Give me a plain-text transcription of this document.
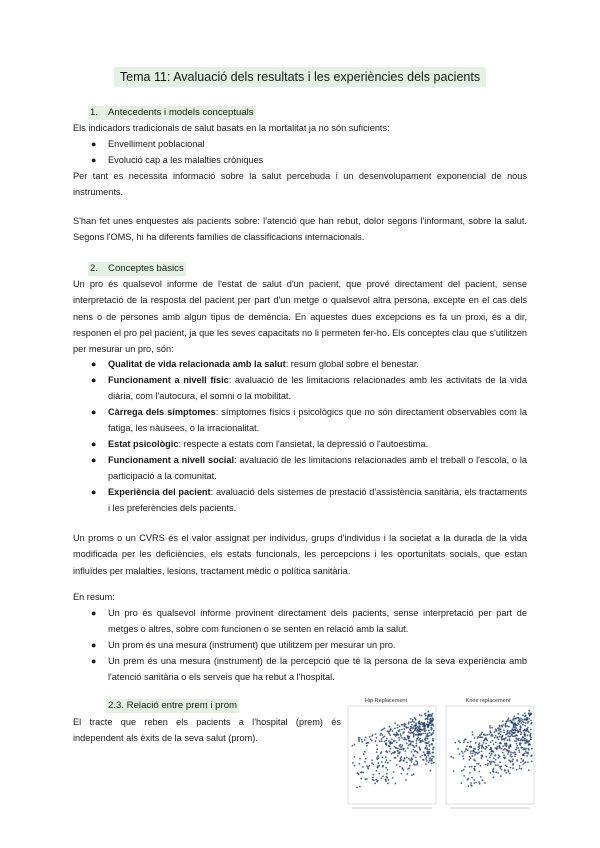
Tema 11: Avaluació dels resultats i les experiències dels pacients
1. Antecedents i models conceptuals

Els indicadors tradicionals de salut basats en la mortalitat ja no són suficients:

● Envelliment poblacional
● Evolució cap a les malalties cròniques

Per tant es necessita informació sobre la salut percebuda i un desenvolupament exponencial de nous instruments.

S'han fet unes enquestes als pacients sobre: l'atenció que han rebut, dolor segons l'informant, sobre la salut. Segons l'OMS, hi ha diferents famílies de classificacions internacionals.

2. Conceptes bàsics

Un pro és qualsevol informe de l'estat de salut d'un pacient, que prové directament del pacient, sense interpretació de la resposta del pacient per part d'un metge o qualsevol altra persona, excepte en el cas dels nens o de persones amb algun tipus de demència. En aquestes dues excepcions es fa un proxi, és a dir, responen el pro pel pacient, ja que les seves capacitats no li permeten fer-ho. Els conceptes clau que s'utilitzen per mesurar un pro, són:

● Qualitat de vida relacionada amb la salut: resum global sobre el benestar.
● Funcionament a nivell físic: avaluació de les limitacions relacionades amb les activitats de la vida diària, com l'autocura, el somni o la mobilitat.
● Càrrega dels símptomes: símptomes físics i psicològics que no són directament observables com la fatiga, les nàusees, o la irracionalitat.
● Estat psicològic: respecte a estats com l'ansietat, la depressió o l'autoestima.
● Funcionament a nivell social: avaluació de les limitacions relacionades amb el treball o l'escola, o la participació a la comunitat.
● Experiència del pacient: avaluació dels sistemes de prestació d'assistència sanitària, els tractaments i les preferències dels pacients.

Un proms o un CVRS és el valor assignat per individus, grups d'individus i la societat a la durada de la vida modificada per les deficiències, els estats funcionals, les percepcions i les oportunitats socials, que estan influïdes per malalties, lesions, tractament mèdic o política sanitària.

En resum:

● Un pro és qualsevol informe provinent directament dels pacients, sense interpretació per part de metges o altres, sobre com funcionen o se senten en relació amb la salut.
● Un prom és una mesura (instrument) que utilitzem per mesurar un pro.
● Un prem és una mesura (instrument) de la percepció que té la persona de la seva experiència amb l'atenció sanitària o els serveis que ha rebut a l'hospital.
2.3. Relació entre prem i prom

El tracte que reben els pacients a l'hospital (prem) és independent als èxits de la seva salut (prom).

Hip Replacement	Knee replacement
